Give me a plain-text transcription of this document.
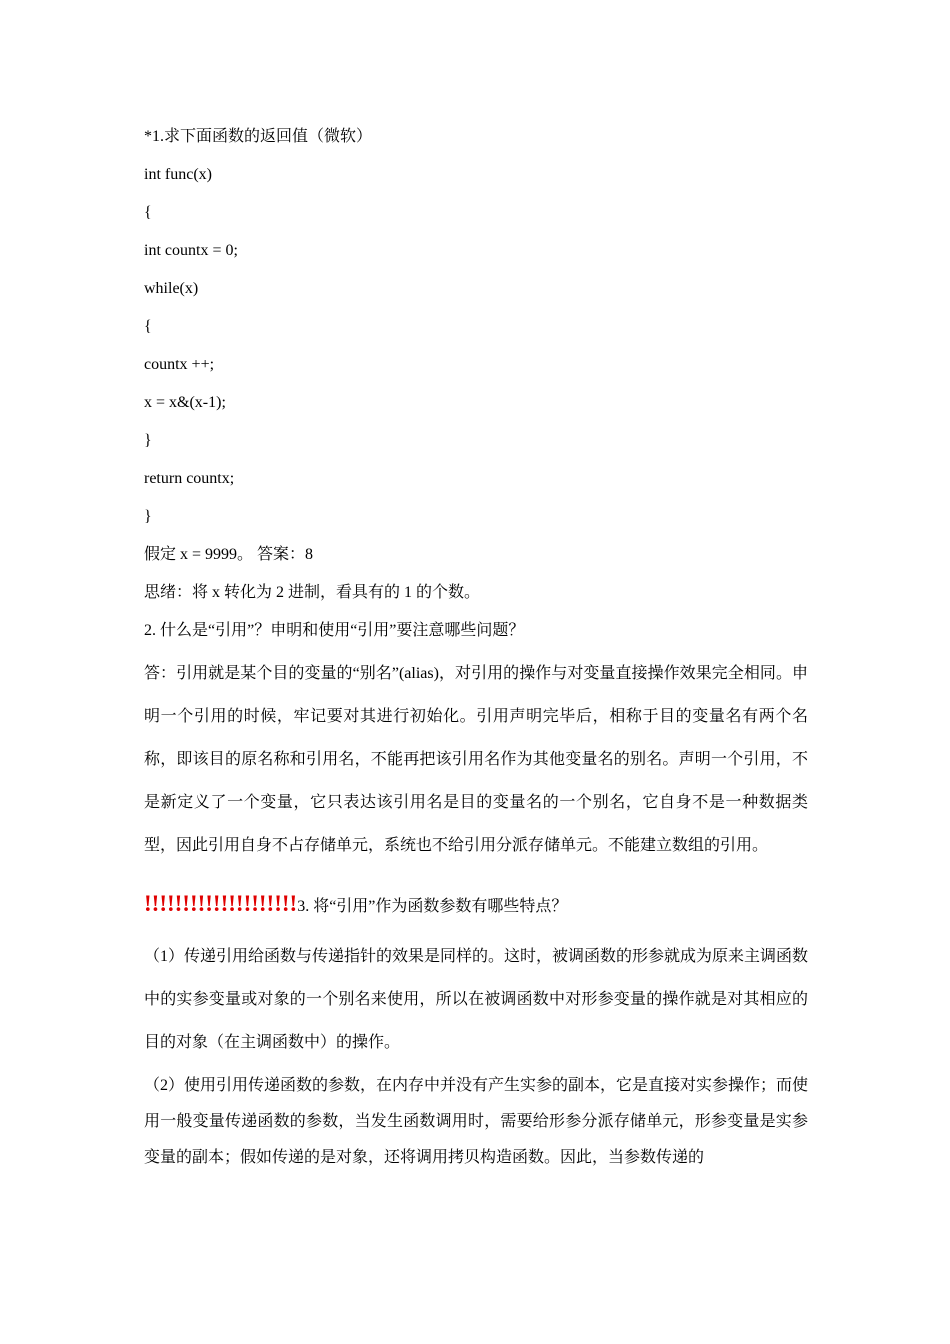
*1.求下面函数的返回值（微软）
int func(x)
{
int countx = 0;
while(x)
{
countx ++;
x = x&(x-1);
}
return countx;
}
假定 x = 9999。 答案：8
思绪：将 x 转化为 2 进制，看具有的 1 的个数。
2. 什么是“引用”？申明和使用“引用”要注意哪些问题？
答：引用就是某个目的变量的“别名”(alias)，对引用的操作与对变量直接操作效果完全相同。申明一个引用的时候，牢记要对其进行初始化。引用声明完毕后，相称于目的变量名有两个名称，即该目的原名称和引用名，不能再把该引用名作为其他变量名的别名。声明一个引用，不是新定义了一个变量，它只表达该引用名是目的变量名的一个别名，它自身不是一种数据类型，因此引用自身不占存储单元，系统也不给引用分派存储单元。不能建立数组的引用。
!!!!!!!!!!!!!!!!!!!!3. 将“引用”作为函数参数有哪些特点？
（1）传递引用给函数与传递指针的效果是同样的。这时，被调函数的形参就成为原来主调函数中的实参变量或对象的一个别名来使用，所以在被调函数中对形参变量的操作就是对其相应的目的对象（在主调函数中）的操作。
（2）使用引用传递函数的参数，在内存中并没有产生实参的副本，它是直接对实参操作；而使用一般变量传递函数的参数，当发生函数调用时，需要给形参分派存储单元，形参变量是实参变量的副本；假如传递的是对象，还将调用拷贝构造函数。因此，当参数传递的
